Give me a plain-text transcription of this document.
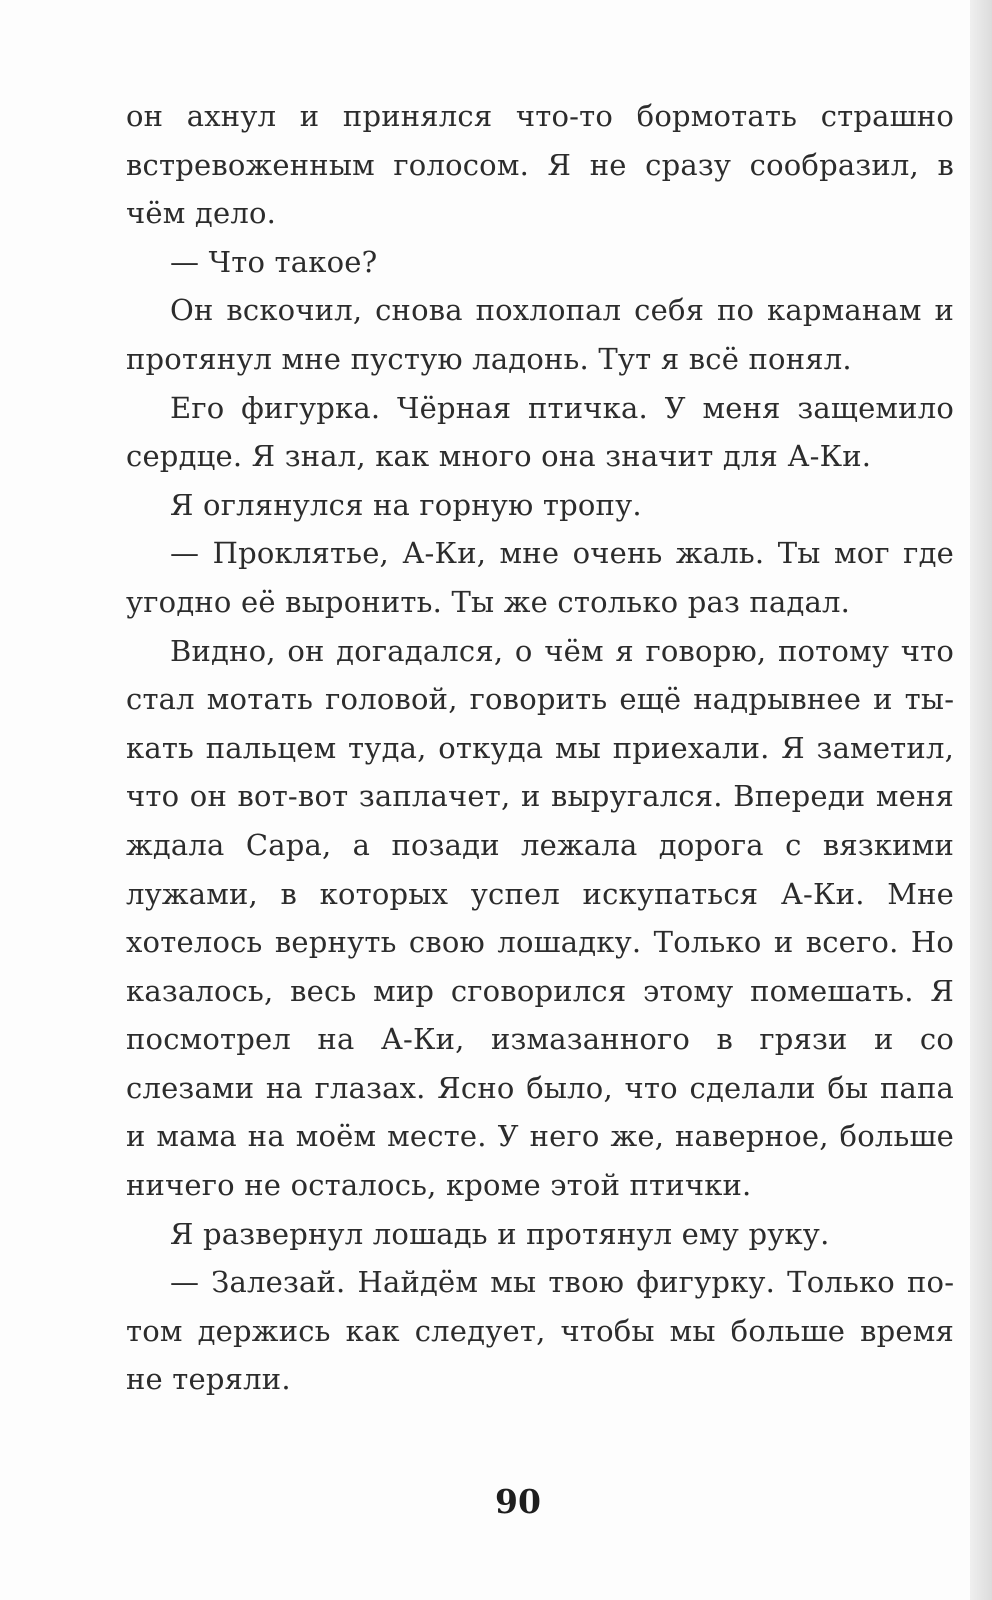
он ахнул и принялся что-то бормотать страшно встревоженным голосом. Я не сразу сообразил, в чём дело.

— Что такое?

Он вскочил, снова похлопал себя по карманам и протянул мне пустую ладонь. Тут я всё понял.

Его фигурка. Чёрная птичка. У меня защемило сердце. Я знал, как много она значит для А-Ки.

Я оглянулся на горную тропу.

— Проклятье, А-Ки, мне очень жаль. Ты мог где угодно её выронить. Ты же столько раз падал.

Видно, он догадался, о чём я говорю, потому что стал мотать головой, говорить ещё надрывнее и тыкать пальцем туда, откуда мы приехали. Я заметил, что он вот-вот заплачет, и выругался. Впереди меня ждала Сара, а позади лежала дорога с вязкими лужами, в которых успел искупаться А-Ки. Мне хотелось вернуть свою лошадку. Только и всего. Но казалось, весь мир сговорился этому помешать. Я посмотрел на А-Ки, измазанного в грязи и со слезами на глазах. Ясно было, что сделали бы папа и мама на моём месте. У него же, наверное, больше ничего не осталось, кроме этой птички.

Я развернул лошадь и протянул ему руку.

— Залезай. Найдём мы твою фигурку. Только потом держись как следует, чтобы мы больше время не теряли.

90
